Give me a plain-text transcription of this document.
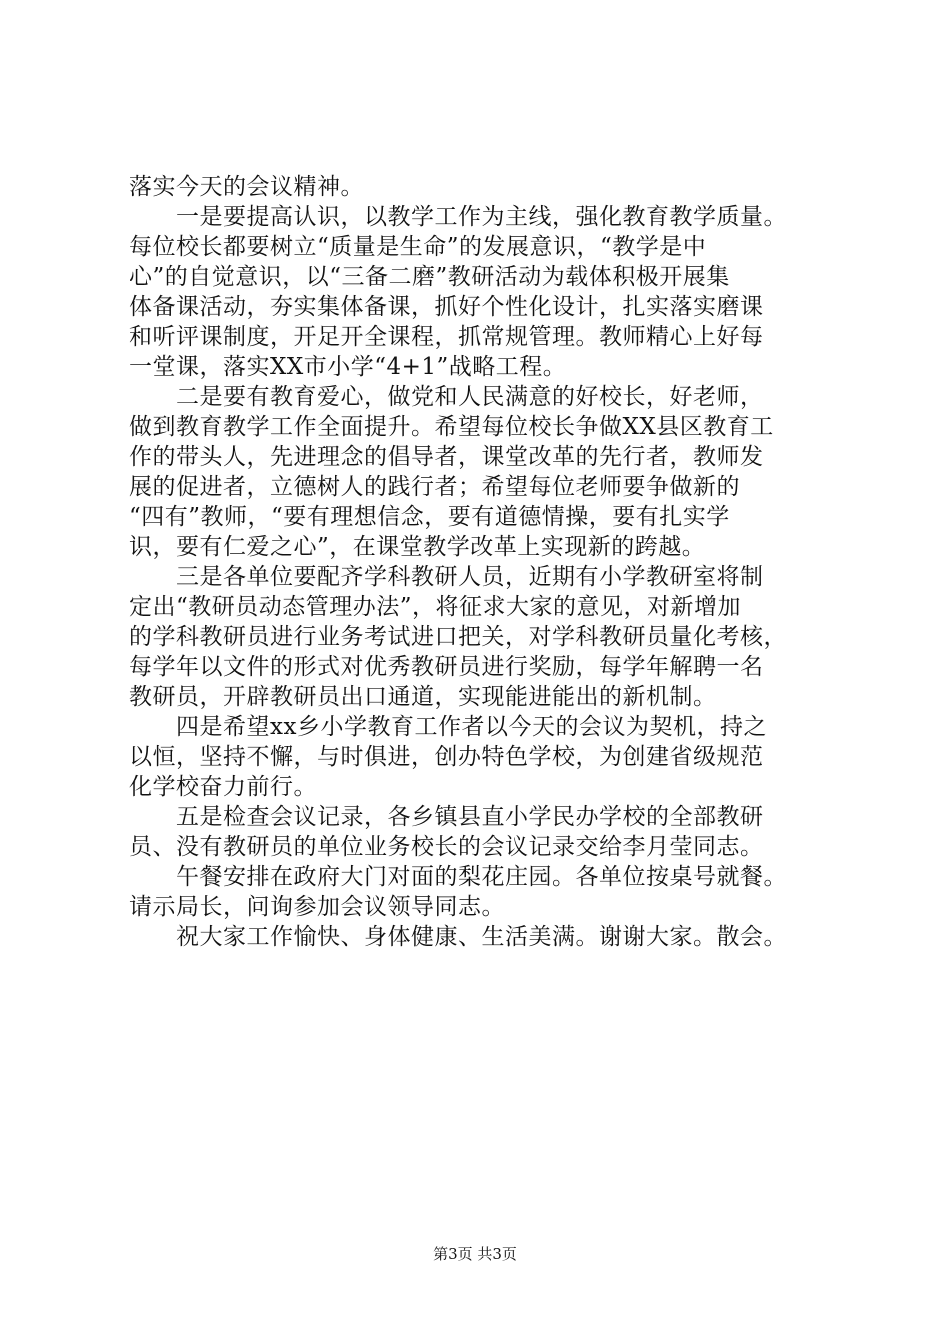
落实今天的会议精神。
　　一是要提高认识，以教学工作为主线，强化教育教学质量。
每位校长都要树立“质量是生命”的发展意识，“教学是中
心”的自觉意识，以“三备二磨”教研活动为载体积极开展集
体备课活动，夯实集体备课，抓好个性化设计，扎实落实磨课
和听评课制度，开足开全课程，抓常规管理。教师精心上好每
一堂课，落实XX市小学“4+1”战略工程。
　　二是要有教育爱心，做党和人民满意的好校长，好老师，
做到教育教学工作全面提升。希望每位校长争做XX县区教育工
作的带头人，先进理念的倡导者，课堂改革的先行者，教师发
展的促进者，立德树人的践行者；希望每位老师要争做新的
“四有”教师，“要有理想信念，要有道德情操，要有扎实学
识，要有仁爱之心”，在课堂教学改革上实现新的跨越。
　　三是各单位要配齐学科教研人员，近期有小学教研室将制
定出“教研员动态管理办法”，将征求大家的意见，对新增加
的学科教研员进行业务考试进口把关，对学科教研员量化考核，
每学年以文件的形式对优秀教研员进行奖励，每学年解聘一名
教研员，开辟教研员出口通道，实现能进能出的新机制。
　　四是希望xx乡小学教育工作者以今天的会议为契机，持之
以恒，坚持不懈，与时俱进，创办特色学校，为创建省级规范
化学校奋力前行。
　　五是检查会议记录，各乡镇县直小学民办学校的全部教研
员、没有教研员的单位业务校长的会议记录交给李月莹同志。
　　午餐安排在政府大门对面的梨花庄园。各单位按桌号就餐。
请示局长，问询参加会议领导同志。
　　祝大家工作愉快、身体健康、生活美满。谢谢大家。散会。
第3页 共3页
